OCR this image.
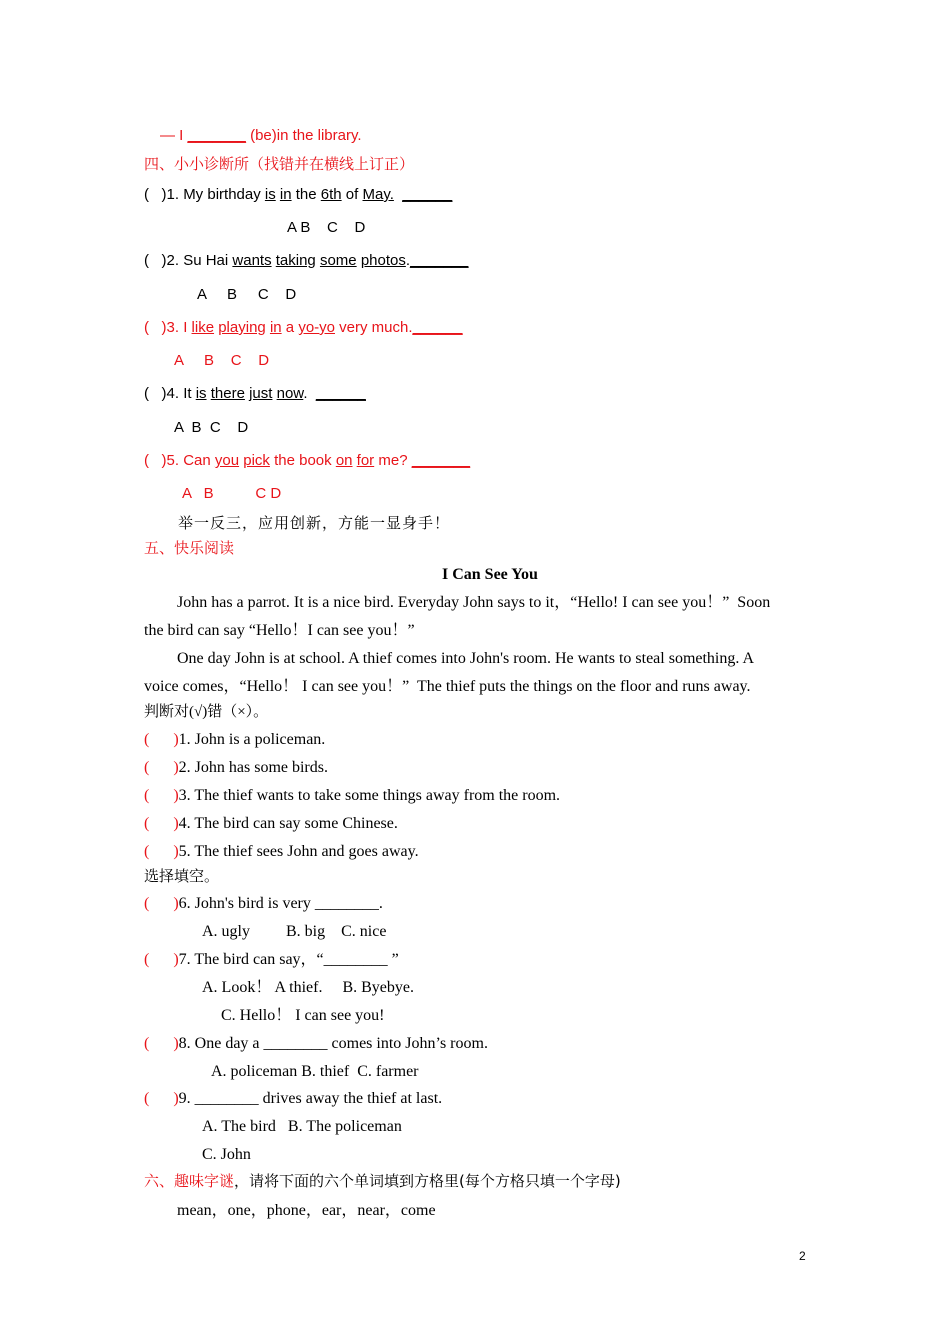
— I _______ (be)in the library.
四、小小诊断所（找错并在横线上订正）
( )1. My birthday is in the 6th of May. ______
A B    C    D
( )2. Su Hai wants taking some photos._______
A     B     C    D
( )3. I like playing in a yo-yo very much.______
A     B    C    D
( )4. It is there just now. ______
A  B  C    D
( )5. Can you pick the book on for me? _______
A   B          C D
举一反三，应用创新，方能一显身手！
五、快乐阅读
I Can See You
John has a parrot. It is a nice bird. Everyday John says to it，“Hello! I can see you！”  Soon
the bird can say “Hello！I can see you！”
One day John is at school. A thief comes into John's room. He wants to steal something. A
voice comes，“Hello！ I can see you！”  The thief puts the things on the floor and runs away.
判断对(√)错（×）。
( )1. John is a policeman.
( )2. John has some birds.
( )3. The thief wants to take some things away from the room.
( )4. The bird can say some Chinese.
( )5. The thief sees John and goes away.
选择填空。
( )6. John's bird is very ________.
A. ugly         B. big    C. nice
( )7. The bird can say，“________ ”
A. Look！ A thief.     B. Byebye.
C. Hello！ I can see you!
( )8. One day a ________ comes into John’s room.
A. policeman B. thief  C. farmer
( )9. ________ drives away the thief at last.
A. The bird   B. The policeman
C. John
六、趣味字谜，请将下面的六个单词填到方格里(每个方格只填一个字母)
mean，one，phone，ear，near，come
2
